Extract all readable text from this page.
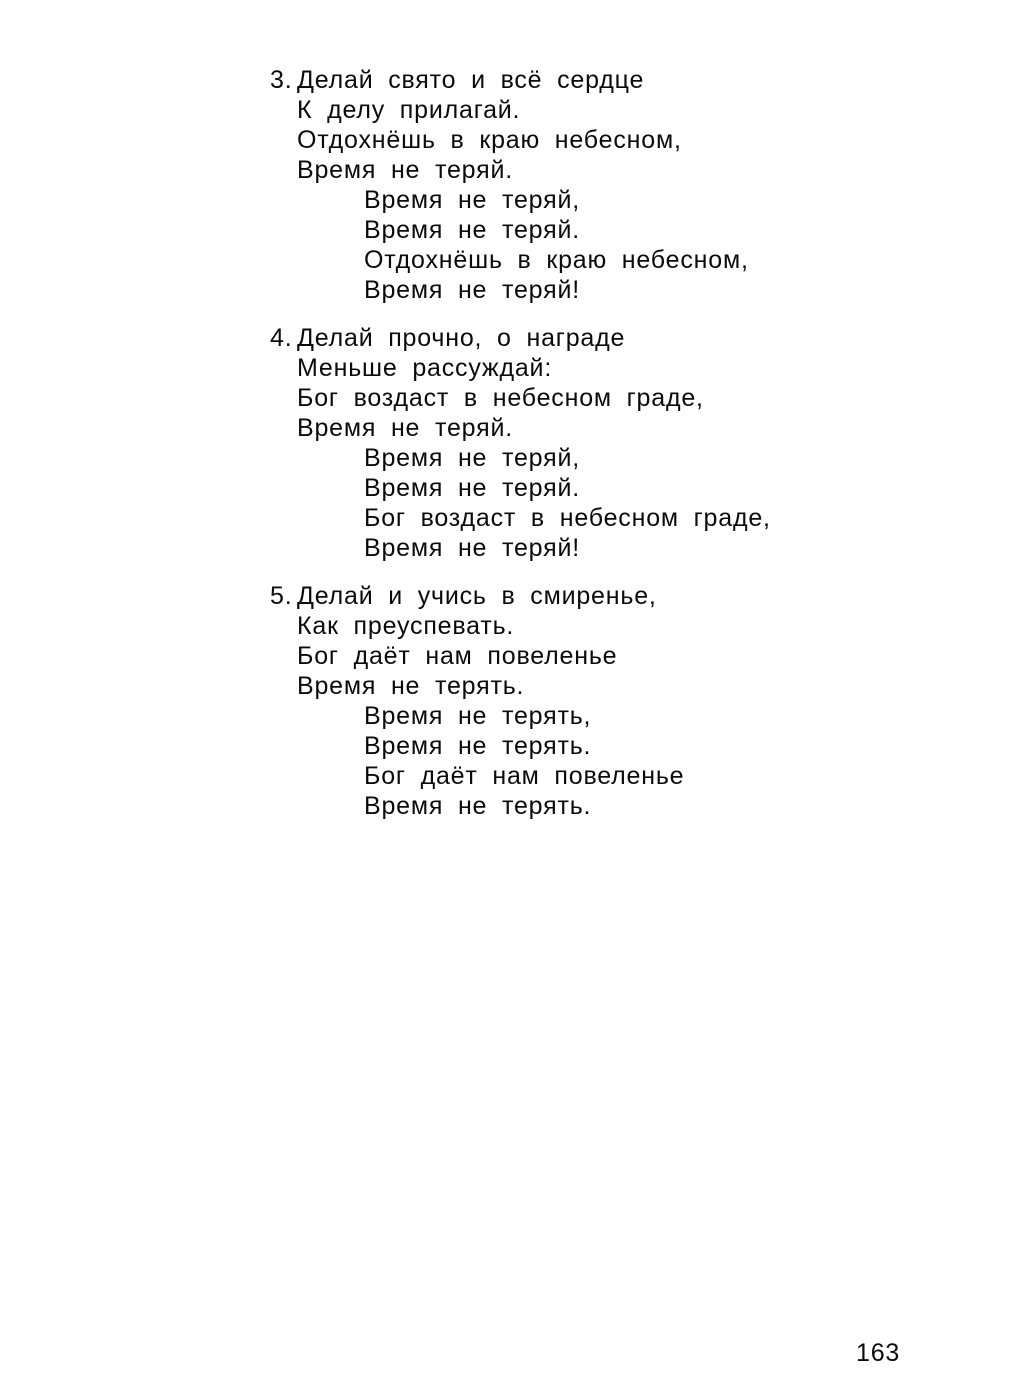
3. Делай свято и всё сердце
К делу прилагай.
Отдохнёшь в краю небесном,
Время не теряй.
Время не теряй,
Время не теряй.
Отдохнёшь в краю небесном,
Время не теряй!
4. Делай прочно, о награде
Меньше рассуждай:
Бог воздаст в небесном граде,
Время не теряй.
Время не теряй,
Время не теряй.
Бог воздаст в небесном граде,
Время не теряй!
5. Делай и учись в смиренье,
Как преуспевать.
Бог даёт нам повеленье
Время не терять.
Время не терять,
Время не терять.
Бог даёт нам повеленье
Время не терять.
163
